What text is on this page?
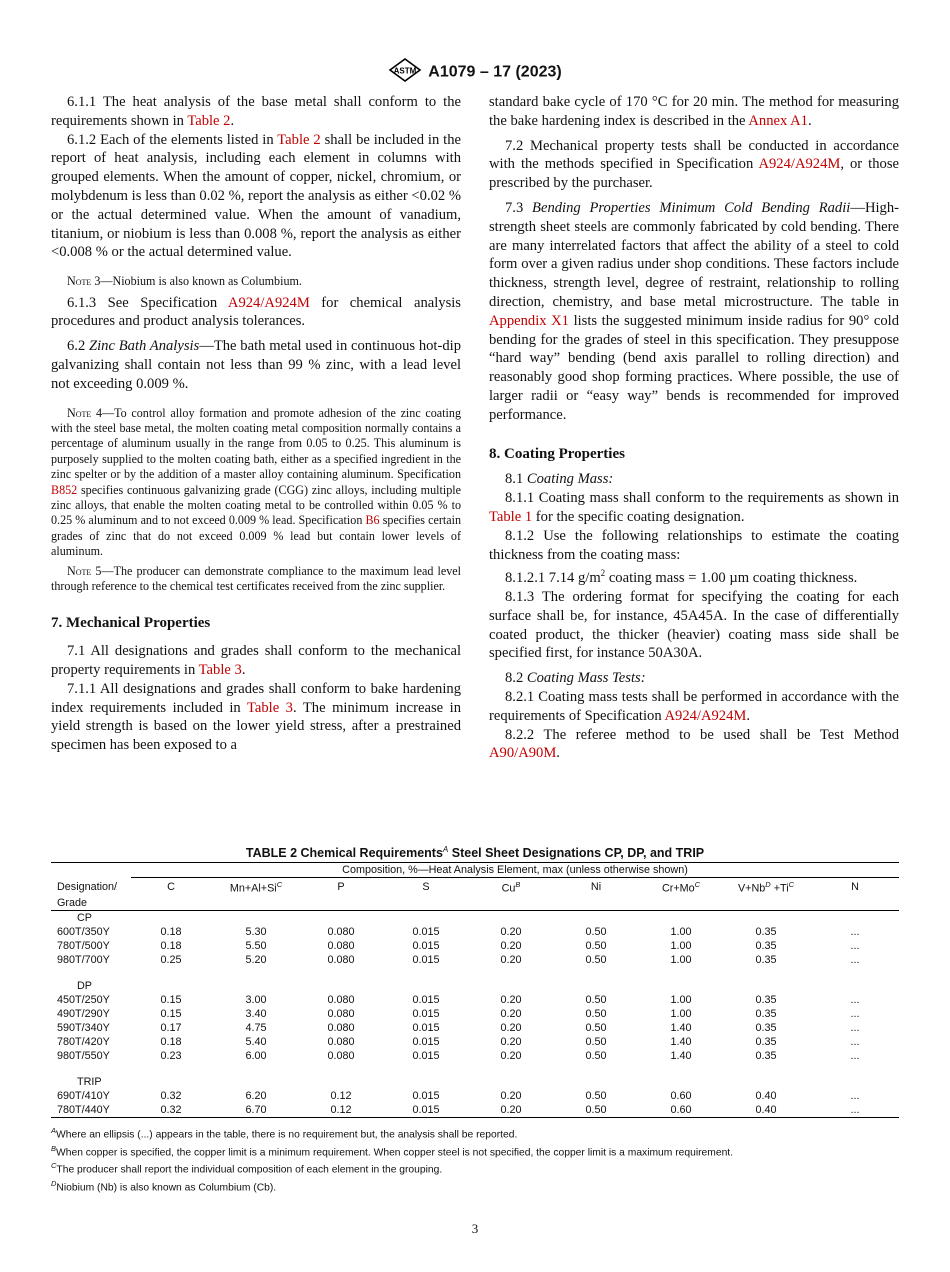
ASTM A1079 – 17 (2023)

6.1.1 The heat analysis of the base metal shall conform to the requirements shown in Table 2.

6.1.2 Each of the elements listed in Table 2 shall be included in the report of heat analysis, including each element in columns with grouped elements. When the amount of copper, nickel, chromium, or molybdenum is less than 0.02 %, report the analysis as either <0.02 % or the actual determined value. When the amount of vanadium, titanium, or niobium is less than 0.008 %, report the analysis as either <0.008 % or the actual determined value.

Note 3—Niobium is also known as Columbium.

6.1.3 See Specification A924/A924M for chemical analysis procedures and product analysis tolerances.

6.2 Zinc Bath Analysis—The bath metal used in continuous hot-dip galvanizing shall contain not less than 99 % zinc, with a lead level not exceeding 0.009 %.

Note 4—To control alloy formation and promote adhesion of the zinc coating with the steel base metal, the molten coating metal composition normally contains a percentage of aluminum usually in the range from 0.05 to 0.25. This aluminum is purposely supplied to the molten coating bath, either as a specified ingredient in the zinc spelter or by the addition of a master alloy containing aluminum. Specification B852 specifies continuous galvanizing grade (CGG) zinc alloys, including multiple zinc alloys, that enable the molten coating metal to be controlled within 0.05 % to 0.25 % aluminum and to not exceed 0.009 % lead. Specification B6 specifies certain grades of zinc that do not exceed 0.009 % lead but contain lower levels of aluminum.

Note 5—The producer can demonstrate compliance to the maximum lead level through reference to the chemical test certificates received from the zinc supplier.

7. Mechanical Properties

7.1 All designations and grades shall conform to the mechanical property requirements in Table 3.

7.1.1 All designations and grades shall conform to bake hardening index requirements included in Table 3. The minimum increase in yield strength is based on the lower yield stress, after a prestrained specimen has been exposed to a

standard bake cycle of 170 °C for 20 min. The method for measuring the bake hardening index is described in the Annex A1.

7.2 Mechanical property tests shall be conducted in accordance with the methods specified in Specification A924/A924M, or those prescribed by the purchaser.

7.3 Bending Properties Minimum Cold Bending Radii—High-strength sheet steels are commonly fabricated by cold bending. There are many interrelated factors that affect the ability of a steel to cold form over a given radius under shop conditions. These factors include thickness, strength level, degree of restraint, relationship to rolling direction, chemistry, and base metal microstructure. The table in Appendix X1 lists the suggested minimum inside radius for 90° cold bending for the grades of steel in this specification. They presuppose “hard way” bending (bend axis parallel to rolling direction) and reasonably good shop forming practices. Where possible, the use of larger radii or “easy way” bends is recommended for improved performance.

8. Coating Properties

8.1 Coating Mass:

8.1.1 Coating mass shall conform to the requirements as shown in Table 1 for the specific coating designation.

8.1.2 Use the following relationships to estimate the coating thickness from the coating mass:

8.1.2.1 7.14 $g/m^2$ coating mass = 1.00 µm coating thickness.

8.1.3 The ordering format for specifying the coating for each surface shall be, for instance, 45A45A. In the case of differentially coated product, the thicker (heavier) coating mass side shall be specified first, for instance 50A30A.

8.2 Coating Mass Tests:

8.2.1 Coating mass tests shall be performed in accordance with the requirements of Specification A924/A924M.

8.2.2 The referee method to be used shall be Test Method A90/A90M.

TABLE 2 Chemical Requirements$^A$ Steel Sheet Designations CP, DP, and TRIP
	Composition, %—Heat Analysis Element, max (unless otherwise shown)								
Designation/	C	$Mn+Al+Si^C$	P	S	$Cu^B$	Ni	$Cr+Mo^C$	$V+Nb^D +Ti^C$	N
Grade									
CP									
600T/350Y	0.18	5.30	0.080	0.015	0.20	0.50	1.00	0.35	...
780T/500Y	0.18	5.50	0.080	0.015	0.20	0.50	1.00	0.35	...
980T/700Y	0.25	5.20	0.080	0.015	0.20	0.50	1.00	0.35	...

DP									
450T/250Y	0.15	3.00	0.080	0.015	0.20	0.50	1.00	0.35	...
490T/290Y	0.15	3.40	0.080	0.015	0.20	0.50	1.00	0.35	...
590T/340Y	0.17	4.75	0.080	0.015	0.20	0.50	1.40	0.35	...
780T/420Y	0.18	5.40	0.080	0.015	0.20	0.50	1.40	0.35	...
980T/550Y	0.23	6.00	0.080	0.015	0.20	0.50	1.40	0.35	...

TRIP									
690T/410Y	0.32	6.20	0.12	0.015	0.20	0.50	0.60	0.40	...
780T/440Y	0.32	6.70	0.12	0.015	0.20	0.50	0.60	0.40	...
$^A$Where an ellipsis (...) appears in the table, there is no requirement but, the analysis shall be reported.
$^B$When copper is specified, the copper limit is a minimum requirement. When copper steel is not specified, the copper limit is a maximum requirement.
$^C$The producer shall report the individual composition of each element in the grouping.
$^D$Niobium (Nb) is also known as Columbium (Cb).
3
